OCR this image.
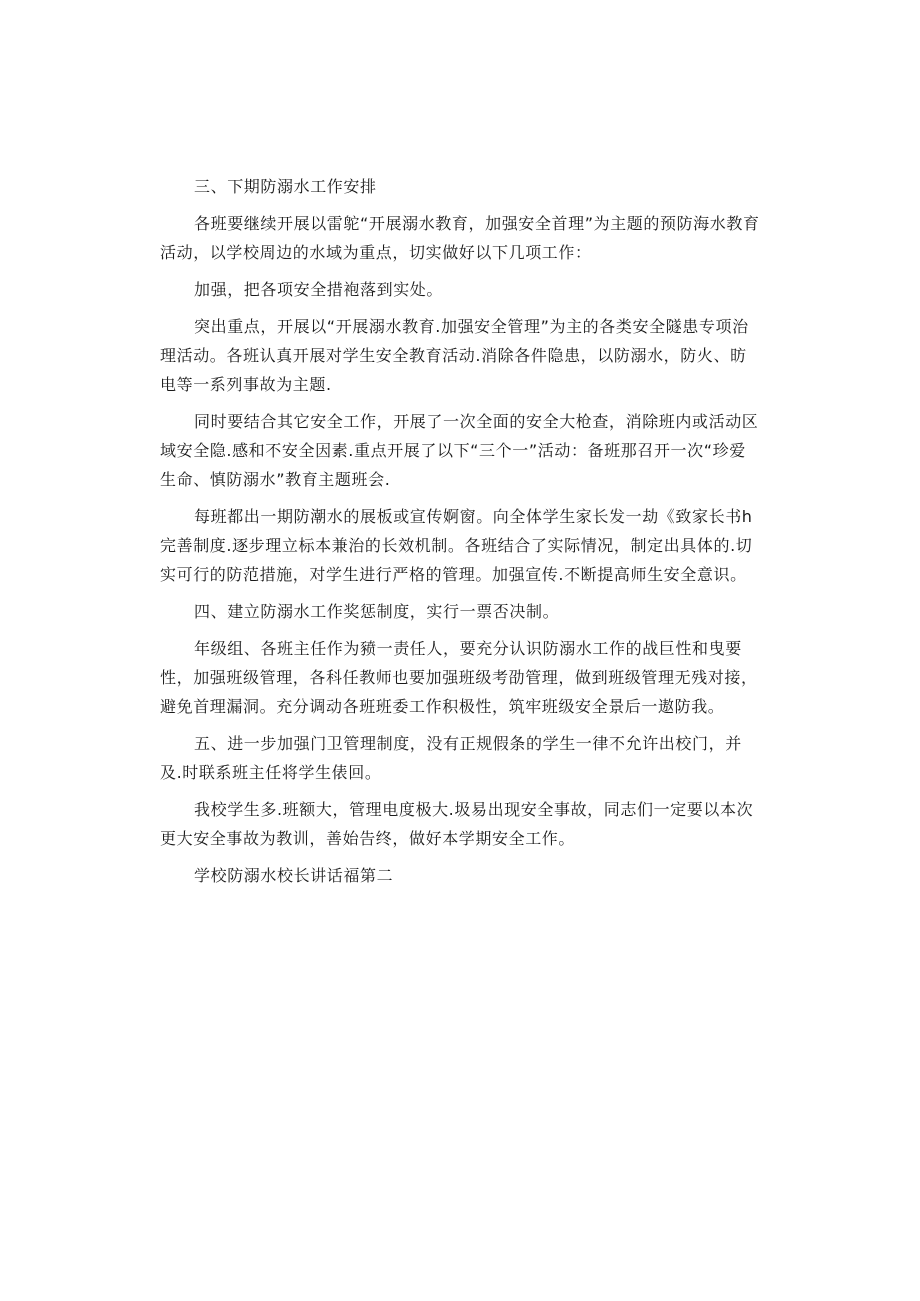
三、下期防溺水工作安排

各班要继续开展以雷鸵“开展溺水教育，加强安全首理”为主题的预防海水教育活动，以学校周边的水域为重点，切实做好以下几项工作：

加强，把各项安全措袍落到实处。

突出重点，开展以“开展溺水教育.加强安全管理”为主的各类安全隧患专项治理活动。各班认真开展对学生安全教育活动.消除各件隐患，以防溺水，防火、昉电等一系列事故为主题.

同时要结合其它安全工作，开展了一次全面的安全大枪查，消除班内或活动区域安全隐.感和不安全因素.重点开展了以下“三个一”活动：备班那召开一次“珍爱生命、慎防溺水”教育主题班会.

每班都出一期防潮水的展板或宣传婀窗。向全体学生家长发一劫《致家长书h完善制度.逐步理立标本兼治的长效机制。各班结合了实际情况，制定出具体的.切实可行的防范措施，对学生进行严格的管理。加强宣传.不断提高师生安全意识。

四、建立防溺水工作奖惩制度，实行一票否决制。

年级组、各班主任作为豮一责任人，要充分认识防溺水工作的战巨性和曳要性，加强班级管理，各科任教师也要加强班级考劭管理，做到班级管理无残对接，避免首理漏洞。充分调动各班班委工作积极性，筑牢班级安全景后一遨防我。

五、进一步加强门卫管理制度，没有正规假条的学生一律不允许出校门，并及.时联系班主任将学生俵回。

我校学生多.班额大，管理电度极大.圾易出现安全事故，同志们一定要以本次更大安全事故为教训，善始告终，做好本学期安全工作。

学校防溺水校长讲话福第二
